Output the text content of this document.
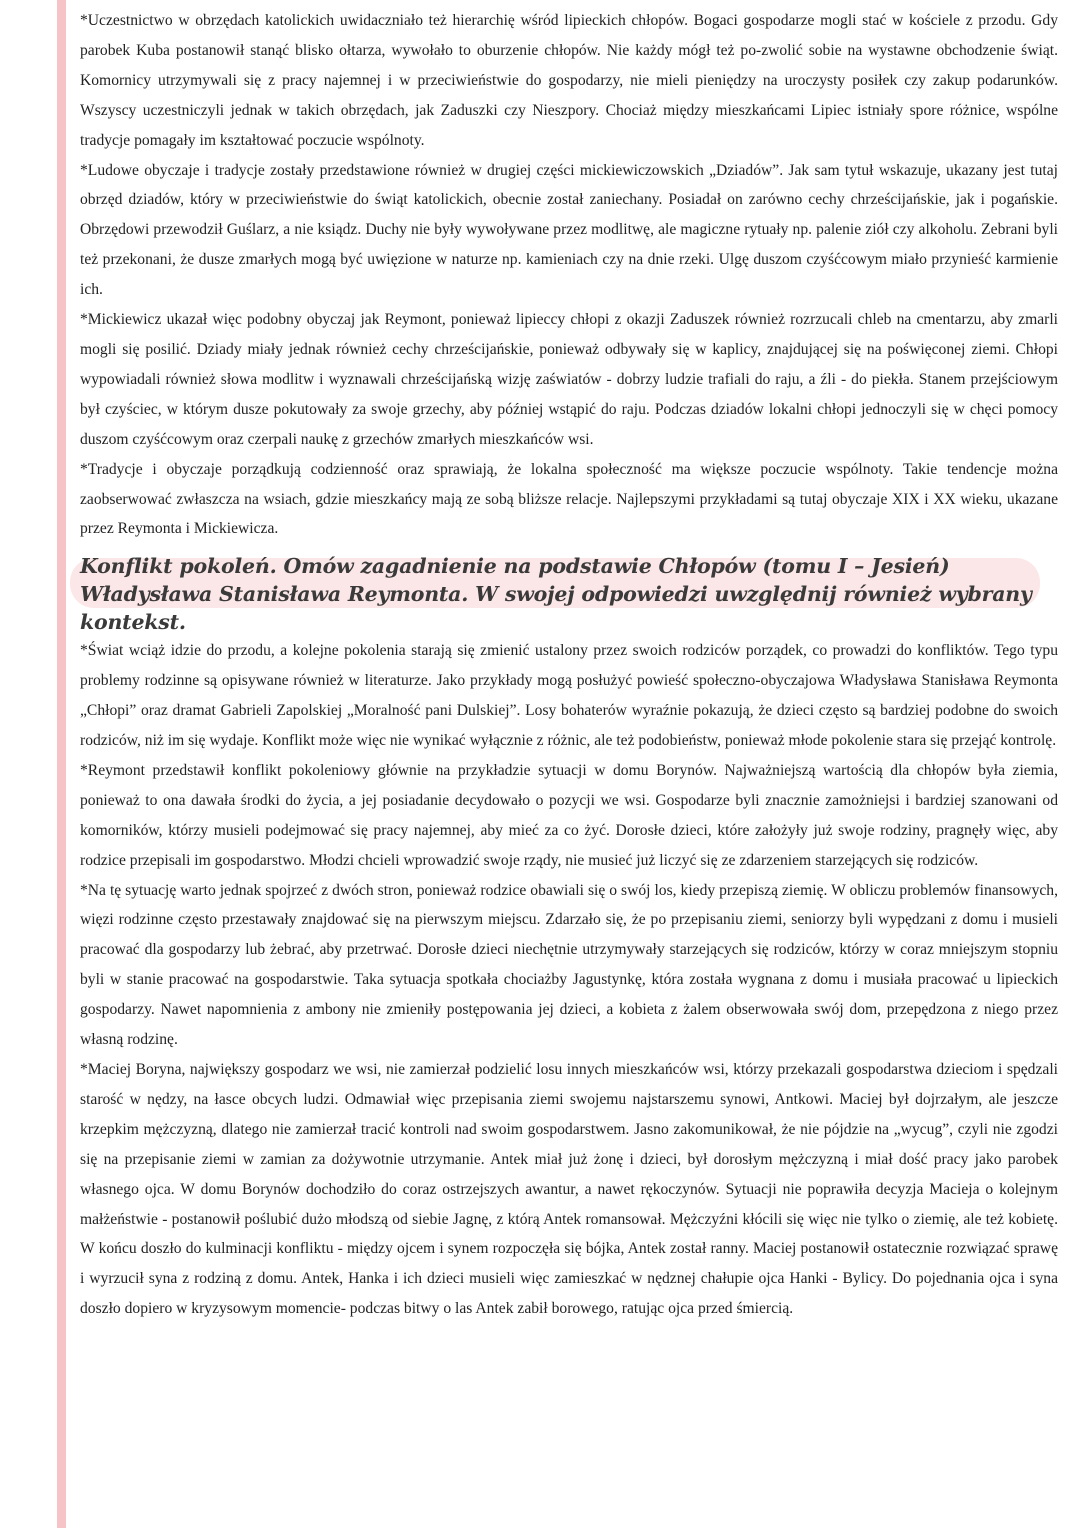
*Uczestnictwo w obrzędach katolickich uwidaczniało też hierarchię wśród lipieckich chłopów. Bogaci gospodarze mogli stać w kościele z przodu. Gdy parobek Kuba postanowił stanąć blisko ołtarza, wywołało to oburzenie chłopów. Nie każdy mógł też po-zwolić sobie na wystawne obchodzenie świąt. Komornicy utrzymywali się z pracy najemnej i w przeciwieństwie do gospodarzy, nie mieli pieniędzy na uroczysty posiłek czy zakup podarunków. Wszyscy uczestniczyli jednak w takich obrzędach, jak Zaduszki czy Nieszpory. Chociaż między mieszkańcami Lipiec istniały spore różnice, wspólne tradycje pomagały im kształtować poczucie wspólnoty.

*Ludowe obyczaje i tradycje zostały przedstawione również w drugiej części mickiewiczowskich „Dziadów”. Jak sam tytuł wskazuje, ukazany jest tutaj obrzęd dziadów, który w przeciwieństwie do świąt katolickich, obecnie został zaniechany. Posiadał on zarówno cechy chrześcijańskie, jak i pogańskie. Obrzędowi przewodził Guślarz, a nie ksiądz. Duchy nie były wywoływane przez modlitwę, ale magiczne rytuały np. palenie ziół czy alkoholu. Zebrani byli też przekonani, że dusze zmarłych mogą być uwięzione w naturze np. kamieniach czy na dnie rzeki. Ulgę duszom czyśćcowym miało przynieść karmienie ich.

*Mickiewicz ukazał więc podobny obyczaj jak Reymont, ponieważ lipieccy chłopi z okazji Zaduszek również rozrzucali chleb na cmentarzu, aby zmarli mogli się posilić. Dziady miały jednak również cechy chrześcijańskie, ponieważ odbywały się w kaplicy, znajdującej się na poświęconej ziemi. Chłopi wypowiadali również słowa modlitw i wyznawali chrześcijańską wizję zaświatów - dobrzy ludzie trafiali do raju, a źli - do piekła. Stanem przejściowym był czyściec, w którym dusze pokutowały za swoje grzechy, aby później wstąpić do raju. Podczas dziadów lokalni chłopi jednoczyli się w chęci pomocy duszom czyśćcowym oraz czerpali naukę z grzechów zmarłych mieszkańców wsi.

*Tradycje i obyczaje porządkują codzienność oraz sprawiają, że lokalna społeczność ma większe poczucie wspólnoty. Takie tendencje można zaobserwować zwłaszcza na wsiach, gdzie mieszkańcy mają ze sobą bliższe relacje. Najlepszymi przykładami są tutaj obyczaje XIX i XX wieku, ukazane przez Reymonta i Mickiewicza.

Konflikt pokoleń. Omów zagadnienie na podstawie Chłopów (tomu I – Jesień) Władysława Stanisława Reymonta. W swojej odpowiedzi uwzględnij również wybrany kontekst.

*Świat wciąż idzie do przodu, a kolejne pokolenia starają się zmienić ustalony przez swoich rodziców porządek, co prowadzi do konfliktów. Tego typu problemy rodzinne są opisywane również w literaturze. Jako przykłady mogą posłużyć powieść społeczno-obyczajowa Władysława Stanisława Reymonta „Chłopi” oraz dramat Gabrieli Zapolskiej „Moralność pani Dulskiej”. Losy bohaterów wyraźnie pokazują, że dzieci często są bardziej podobne do swoich rodziców, niż im się wydaje. Konflikt może więc nie wynikać wyłącznie z różnic, ale też podobieństw, ponieważ młode pokolenie stara się przejąć kontrolę.

*Reymont przedstawił konflikt pokoleniowy głównie na przykładzie sytuacji w domu Borynów. Najważniejszą wartością dla chłopów była ziemia, ponieważ to ona dawała środki do życia, a jej posiadanie decydowało o pozycji we wsi. Gospodarze byli znacznie zamożniejsi i bardziej szanowani od komorników, którzy musieli podejmować się pracy najemnej, aby mieć za co żyć. Dorosłe dzieci, które założyły już swoje rodziny, pragnęły więc, aby rodzice przepisali im gospodarstwo. Młodzi chcieli wprowadzić swoje rządy, nie musieć już liczyć się ze zdarzeniem starzejących się rodziców.

*Na tę sytuację warto jednak spojrzeć z dwóch stron, ponieważ rodzice obawiali się o swój los, kiedy przepiszą ziemię. W obliczu problemów finansowych, więzi rodzinne często przestawały znajdować się na pierwszym miejscu. Zdarzało się, że po przepisaniu ziemi, seniorzy byli wypędzani z domu i musieli pracować dla gospodarzy lub żebrać, aby przetrwać. Dorosłe dzieci niechętnie utrzymywały starzejących się rodziców, którzy w coraz mniejszym stopniu byli w stanie pracować na gospodarstwie. Taka sytuacja spotkała chociażby Jagustynkę, która została wygnana z domu i musiała pracować u lipieckich gospodarzy. Nawet napomnienia z ambony nie zmieniły postępowania jej dzieci, a kobieta z żalem obserwowała swój dom, przepędzona z niego przez własną rodzinę.

*Maciej Boryna, największy gospodarz we wsi, nie zamierzał podzielić losu innych mieszkańców wsi, którzy przekazali gospodarstwa dzieciom i spędzali starość w nędzy, na łasce obcych ludzi. Odmawiał więc przepisania ziemi swojemu najstarszemu synowi, Antkowi. Maciej był dojrzałym, ale jeszcze krzepkim mężczyzną, dlatego nie zamierzał tracić kontroli nad swoim gospodarstwem. Jasno zakomunikował, że nie pójdzie na „wycug”, czyli nie zgodzi się na przepisanie ziemi w zamian za dożywotnie utrzymanie. Antek miał już żonę i dzieci, był dorosłym mężczyzną i miał dość pracy jako parobek własnego ojca. W domu Borynów dochodziło do coraz ostrzejszych awantur, a nawet rękoczynów. Sytuacji nie poprawiła decyzja Macieja o kolejnym małżeństwie - postanowił poślubić dużo młodszą od siebie Jagnę, z którą Antek romansował. Mężczyźni kłócili się więc nie tylko o ziemię, ale też kobietę. W końcu doszło do kulminacji konfliktu - między ojcem i synem rozpoczęła się bójka, Antek został ranny. Maciej postanowił ostatecznie rozwiązać sprawę i wyrzucił syna z rodziną z domu. Antek, Hanka i ich dzieci musieli więc zamieszkać w nędznej chałupie ojca Hanki - Bylicy. Do pojednania ojca i syna doszło dopiero w kryzysowym momencie- podczas bitwy o las Antek zabił borowego, ratując ojca przed śmiercią.
